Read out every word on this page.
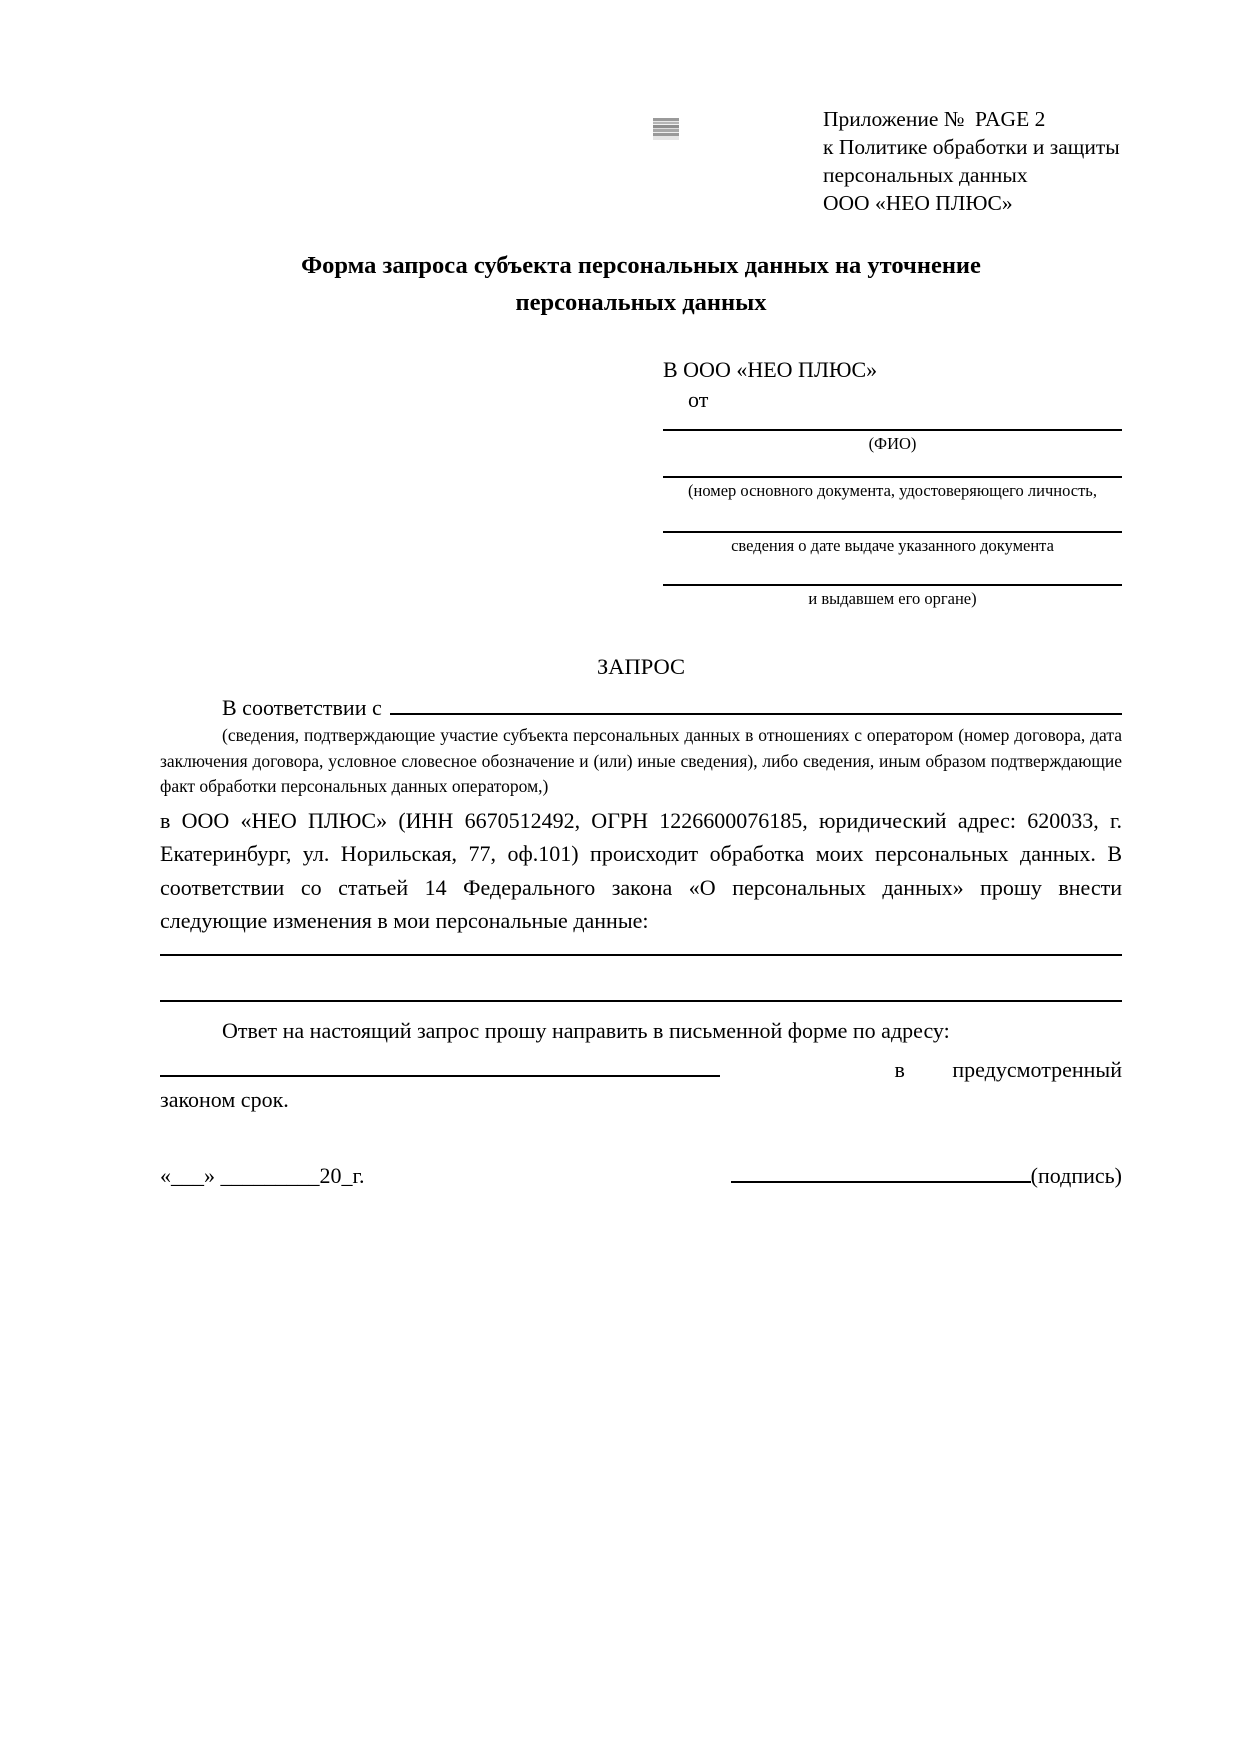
Приложение №  PAGE 2
к Политике обработки и защиты
персональных данных
ООО «НЕО ПЛЮС»
Форма запроса субъекта персональных данных на уточнение
персональных данных
В ООО «НЕО ПЛЮС»
от
(ФИО)
(номер основного документа, удостоверяющего личность,
сведения о дате выдаче указанного документа
и выдавшем его органе)
ЗАПРОС
В соответствии с
(сведения, подтверждающие участие субъекта персональных данных в отношениях с оператором (номер договора, дата заключения договора, условное словесное обозначение и (или) иные сведения), либо сведения, иным образом подтверждающие факт обработки персональных данных оператором,)
в ООО «НЕО ПЛЮС» (ИНН 6670512492, ОГРН 1226600076185, юридический адрес: 620033, г. Екатеринбург, ул. Норильская, 77, оф.101) происходит обработка моих персональных данных. В соответствии со статьей 14 Федерального закона «О персональных данных» прошу внести следующие изменения в мои персональные данные:
Ответ на настоящий запрос прошу направить в письменной форме по адресу:
в предусмотренный
законом срок.
«___» _________20_г.	(подпись)
